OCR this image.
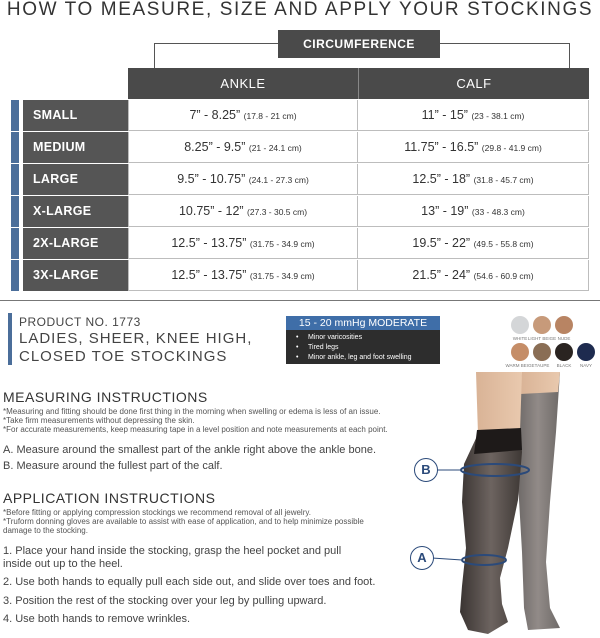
HOW TO MEASURE, SIZE AND APPLY YOUR STOCKINGS
CIRCUMFERENCE
ANKLE	CALF
SMALL	7” - 8.25” (17.8 - 21 cm)	11” - 15” (23 - 38.1 cm)
MEDIUM	8.25” - 9.5” (21 - 24.1 cm)	11.75” - 16.5” (29.8 - 41.9 cm)
LARGE	9.5” - 10.75” (24.1 - 27.3 cm)	12.5” - 18” (31.8 - 45.7 cm)
X-LARGE	10.75” - 12” (27.3 - 30.5 cm)	13” - 19” (33 - 48.3 cm)
2X-LARGE	12.5” - 13.75” (31.75 - 34.9 cm)	19.5” - 22” (49.5 - 55.8 cm)
3X-LARGE	12.5” - 13.75” (31.75 - 34.9 cm)	21.5” - 24” (54.6 - 60.9 cm)
PRODUCT NO. 1773
LADIES, SHEER, KNEE HIGH,
CLOSED TOE STOCKINGS
15 - 20 mmHg MODERATE
• Minor varicosities
• Tired legs
• Minor ankle, leg and foot swelling
WHITE LIGHT BEIGE NUDE
WARM BEIGE TAUPE	BLACK	NAVY
MEASURING INSTRUCTIONS
*Measuring and fitting should be done first thing in the morning when swelling or edema is less of an issue.
*Take firm measurements without depressing the skin.
*For accurate measurements, keep measuring tape in a level position and note measurements at each point.
A. Measure around the smallest part of the ankle right above the ankle bone.
B. Measure around the fullest part of the calf.
APPLICATION INSTRUCTIONS
*Before fitting or applying compression stockings we recommend removal of all jewelry.
*Truform donning gloves are available to assist with ease of application, and to help minimize possible
damage to the stocking.
1. Place your hand inside the stocking, grasp the heel pocket and pull
inside out up to the heel.
2. Use both hands to equally pull each side out, and slide over toes and foot.
3. Position the rest of the stocking over your leg by pulling upward.
4. Use both hands to remove wrinkles.
B
A
